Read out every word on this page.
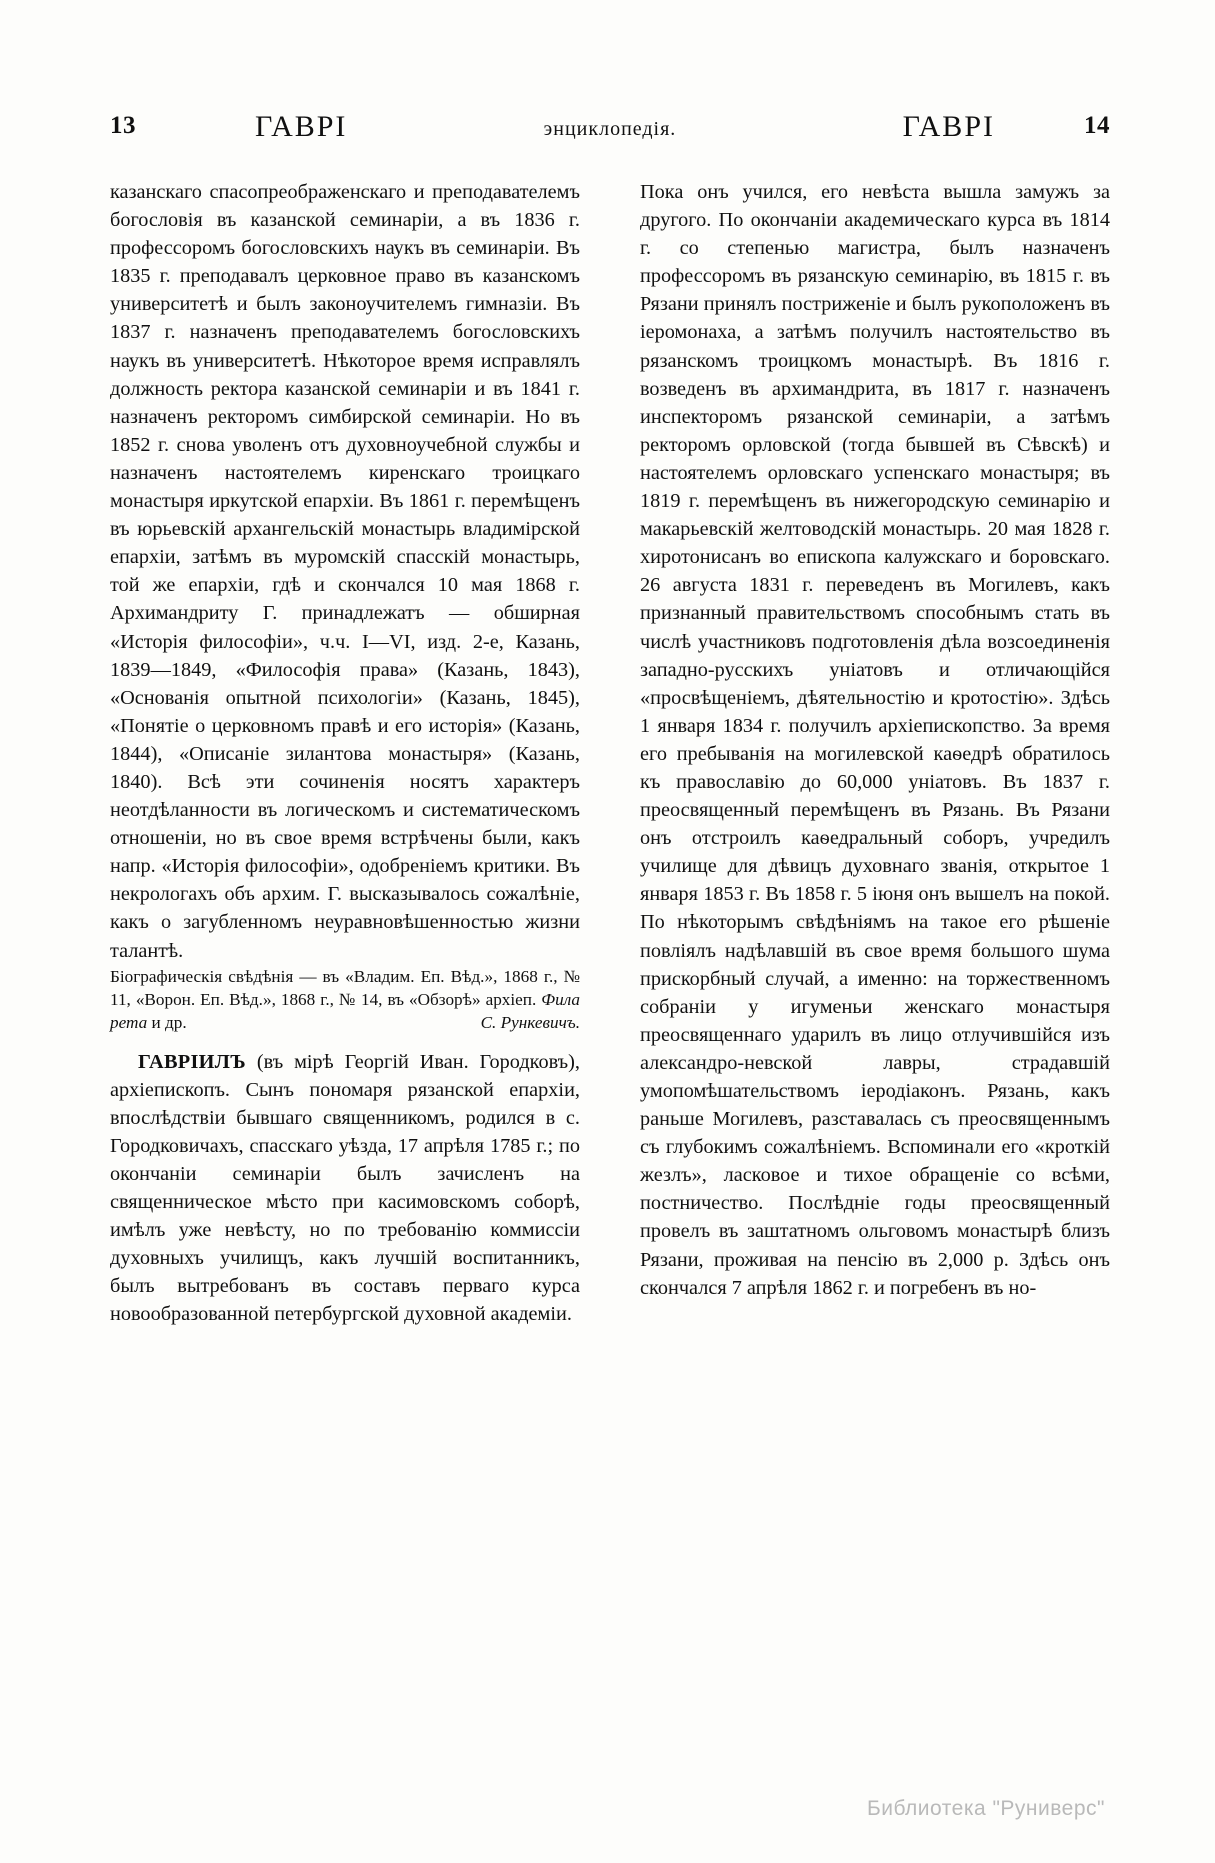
13	ГАВРІ	энциклопедія.	ГАВРІ	14

казанскаго спасопреображенскаго и преподавателемъ богословія въ казанской семинаріи, а въ 1836 г. профессоромъ богословскихъ наукъ въ семинаріи. Въ 1835 г. преподавалъ церковное право въ казанскомъ университетѣ и былъ законоучителемъ гимназіи. Въ 1837 г. назначенъ преподавателемъ богословскихъ наукъ въ университетѣ. Нѣкоторое время исправлялъ должность ректора казанской семинаріи и въ 1841 г. назначенъ ректоромъ симбирской семинаріи. Но въ 1852 г. снова уволенъ отъ духовноучебной службы и назначенъ настоятелемъ киренскаго троицкаго монастыря иркутской епархіи. Въ 1861 г. перемѣщенъ въ юрьевскій архангельскій монастырь владимірской епархіи, затѣмъ въ муромскій спасскій монастырь, той же епархіи, гдѣ и скончался 10 мая 1868 г. Архимандриту Г. принадлежатъ — обширная «Исторія философіи», ч.ч. I—VI, изд. 2-е, Казань, 1839—1849, «Философія права» (Казань, 1843), «Основанія опытной психологіи» (Казань, 1845), «Понятіе о церковномъ правѣ и его исторія» (Казань, 1844), «Описаніе зилантова монастыря» (Казань, 1840). Всѣ эти сочиненія носятъ характеръ неотдѣланности въ логическомъ и систематическомъ отношеніи, но въ свое время встрѣчены были, какъ напр. «Исторія философіи», одобреніемъ критики. Въ некрологахъ объ архим. Г. высказывалось сожалѣніе, какъ о загубленномъ неуравновѣшенностью жизни талантѣ.

Біографическія свѣдѣнія — въ «Владим. Еп. Вѣд.», 1868 г., № 11, «Ворон. Еп. Вѣд.», 1868 г., № 14, въ «Обзорѣ» архіеп. Фила рета и др.	С. Рункевичъ.

ГАВРІИЛЪ (въ мірѣ Георгій Иван. Городковъ), архіепископъ. Сынъ пономаря рязанской епархіи, впослѣдствіи бывшаго священникомъ, родился в с. Городковичахъ, спасскаго уѣзда, 17 апрѣля 1785 г.; по окончаніи семинаріи былъ зачисленъ на священническое мѣсто при касимовскомъ соборѣ, имѣлъ уже невѣсту, но по требованію коммиссіи духовныхъ училищъ, какъ лучшій воспитанникъ, былъ вытребованъ въ составъ перваго курса новообразованной петербургской духовной академіи.

Пока онъ учился, его невѣста вышла замужъ за другого. По окончаніи академическаго курса въ 1814 г. со степенью магистра, былъ назначенъ профессоромъ въ рязанскую семинарію, въ 1815 г. въ Рязани принялъ постриженіе и былъ рукоположенъ въ іеромонаха, а затѣмъ получилъ настоятельство въ рязанскомъ троицкомъ монастырѣ. Въ 1816 г. возведенъ въ архимандрита, въ 1817 г. назначенъ инспекторомъ рязанской семинаріи, а затѣмъ ректоромъ орловской (тогда бывшей въ Сѣвскѣ) и настоятелемъ орловскаго успенскаго монастыря; въ 1819 г. перемѣщенъ въ нижегородскую семинарію и макарьевскій желтоводскій монастырь. 20 мая 1828 г. хиротонисанъ во епископа калужскаго и боровскаго. 26 августа 1831 г. переведенъ въ Могилевъ, какъ признанный правительствомъ способнымъ стать въ числѣ участниковъ подготовленія дѣла возсоединенія западно-русскихъ уніатовъ и отличающійся «просвѣщеніемъ, дѣятельностію и кротостію». Здѣсь 1 января 1834 г. получилъ архіепископство. За время его пребыванія на могилевской каѳедрѣ обратилось къ православію до 60,000 уніатовъ. Въ 1837 г. преосвященный перемѣщенъ въ Рязань. Въ Рязани онъ отстроилъ каѳедральный соборъ, учредилъ училище для дѣвицъ духовнаго званія, открытое 1 января 1853 г. Въ 1858 г. 5 іюня онъ вышелъ на покой. По нѣкоторымъ свѣдѣніямъ на такое его рѣшеніе повліялъ надѣлавшій въ свое время большого шума прискорбный случай, а именно: на торжественномъ собраніи у игуменьи женскаго монастыря преосвященнаго ударилъ въ лицо отлучившійся изъ александро-невской лавры, страдавшій умопомѣшательствомъ іеродіаконъ. Рязань, какъ раньше Могилевъ, разставалась съ преосвященнымъ съ глубокимъ сожалѣніемъ. Вспоминали его «кроткій жезлъ», ласковое и тихое обращеніе со всѣми, постничество. Послѣдніе годы преосвященный провелъ въ заштатномъ ольговомъ монастырѣ близъ Рязани, проживая на пенсію въ 2,000 р. Здѣсь онъ скончался 7 апрѣля 1862 г. и погребенъ въ но-

Библиотека "Руниверс"
